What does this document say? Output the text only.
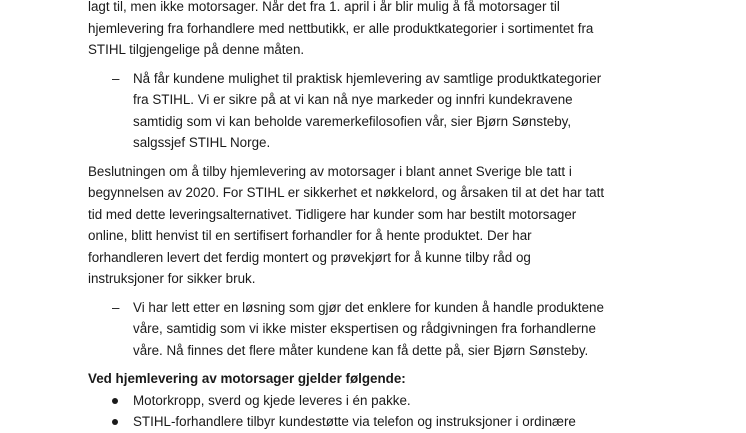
lagt til, men ikke motorsager. Når det fra 1. april i år blir mulig å få motorsager til

hjemlevering fra forhandlere med nettbutikk, er alle produktkategorier i sortimentet fra

STIHL tilgjengelige på denne måten.

– Nå får kundene mulighet til praktisk hjemlevering av samtlige produktkategorier

fra STIHL. Vi er sikre på at vi kan nå nye markeder og innfri kundekravene

samtidig som vi kan beholde varemerkefilosofien vår, sier Bjørn Sønsteby,

salgssjef STIHL Norge.

Beslutningen om å tilby hjemlevering av motorsager i blant annet Sverige ble tatt i

begynnelsen av 2020. For STIHL er sikkerhet et nøkkelord, og årsaken til at det har tatt

tid med dette leveringsalternativet. Tidligere har kunder som har bestilt motorsager

online, blitt henvist til en sertifisert forhandler for å hente produktet. Der har

forhandleren levert det ferdig montert og prøvekjørt for å kunne tilby råd og

instruksjoner for sikker bruk.

– Vi har lett etter en løsning som gjør det enklere for kunden å handle produktene

våre, samtidig som vi ikke mister ekspertisen og rådgivningen fra forhandlerne

våre. Nå finnes det flere måter kundene kan få dette på, sier Bjørn Sønsteby.

Ved hjemlevering av motorsager gjelder følgende:

Motorkropp, sverd og kjede leveres i én pakke.
STIHL-forhandlere tilbyr kundestøtte via telefon og instruksjoner i ordinære
